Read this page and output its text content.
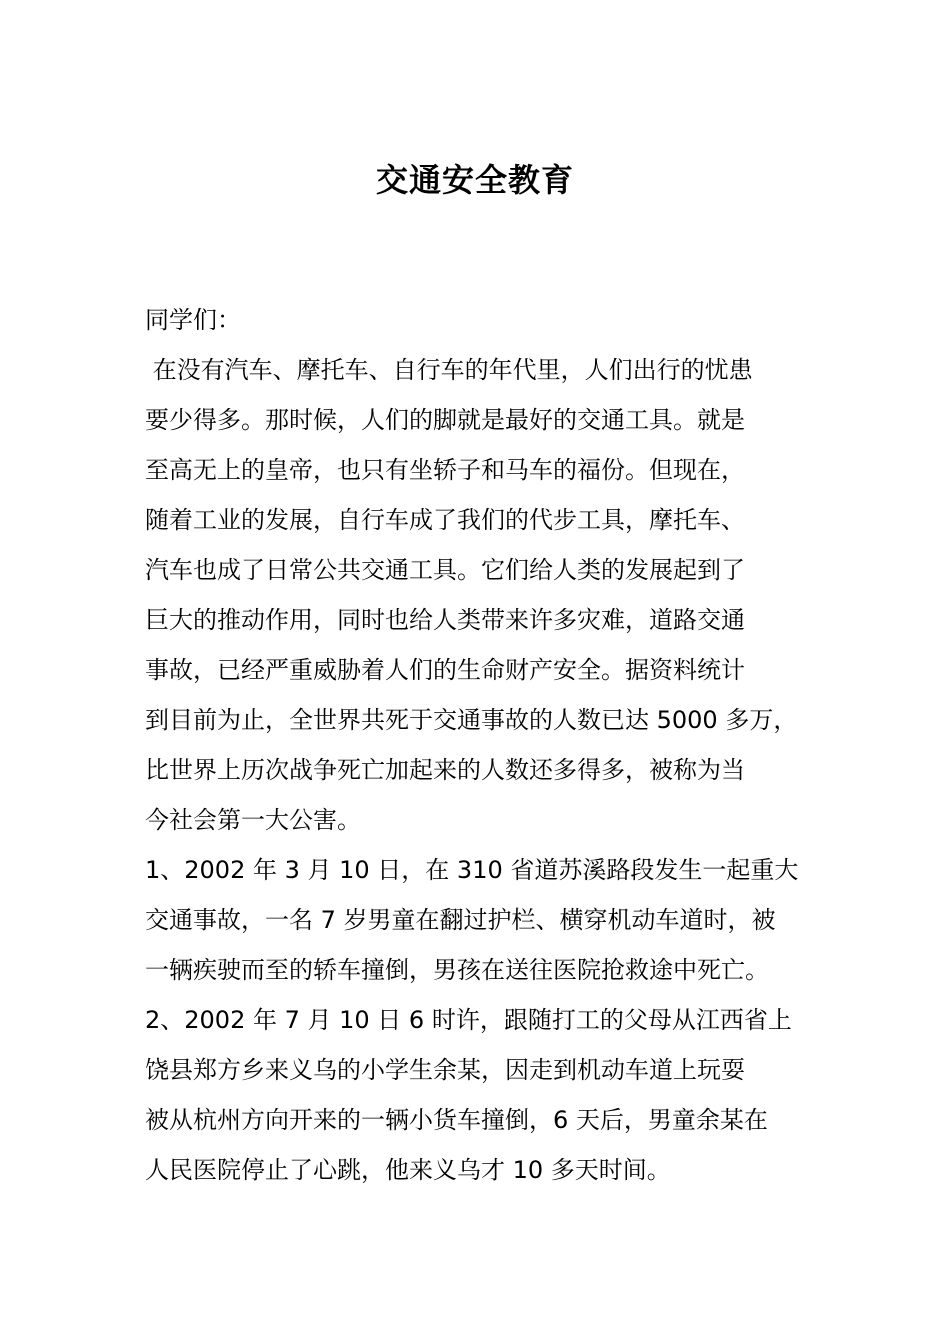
交通安全教育
同学们：
在没有汽车、摩托车、自行车的年代里，人们出行的忧患
要少得多。那时候，人们的脚就是最好的交通工具。就是
至高无上的皇帝，也只有坐轿子和马车的福份。但现在，
随着工业的发展，自行车成了我们的代步工具，摩托车、
汽车也成了日常公共交通工具。它们给人类的发展起到了
巨大的推动作用，同时也给人类带来许多灾难，道路交通
事故，已经严重威胁着人们的生命财产安全。据资料统计
到目前为止，全世界共死于交通事故的人数已达 5000 多万，
比世界上历次战争死亡加起来的人数还多得多，被称为当
今社会第一大公害。
1、2002 年 3 月 10 日，在 310 省道苏溪路段发生一起重大
交通事故，一名 7 岁男童在翻过护栏、横穿机动车道时，被
一辆疾驶而至的轿车撞倒，男孩在送往医院抢救途中死亡。
2、2002 年 7 月 10 日 6 时许，跟随打工的父母从江西省上
饶县郑方乡来义乌的小学生余某，因走到机动车道上玩耍
被从杭州方向开来的一辆小货车撞倒，6 天后，男童余某在
人民医院停止了心跳，他来义乌才 10 多天时间。
